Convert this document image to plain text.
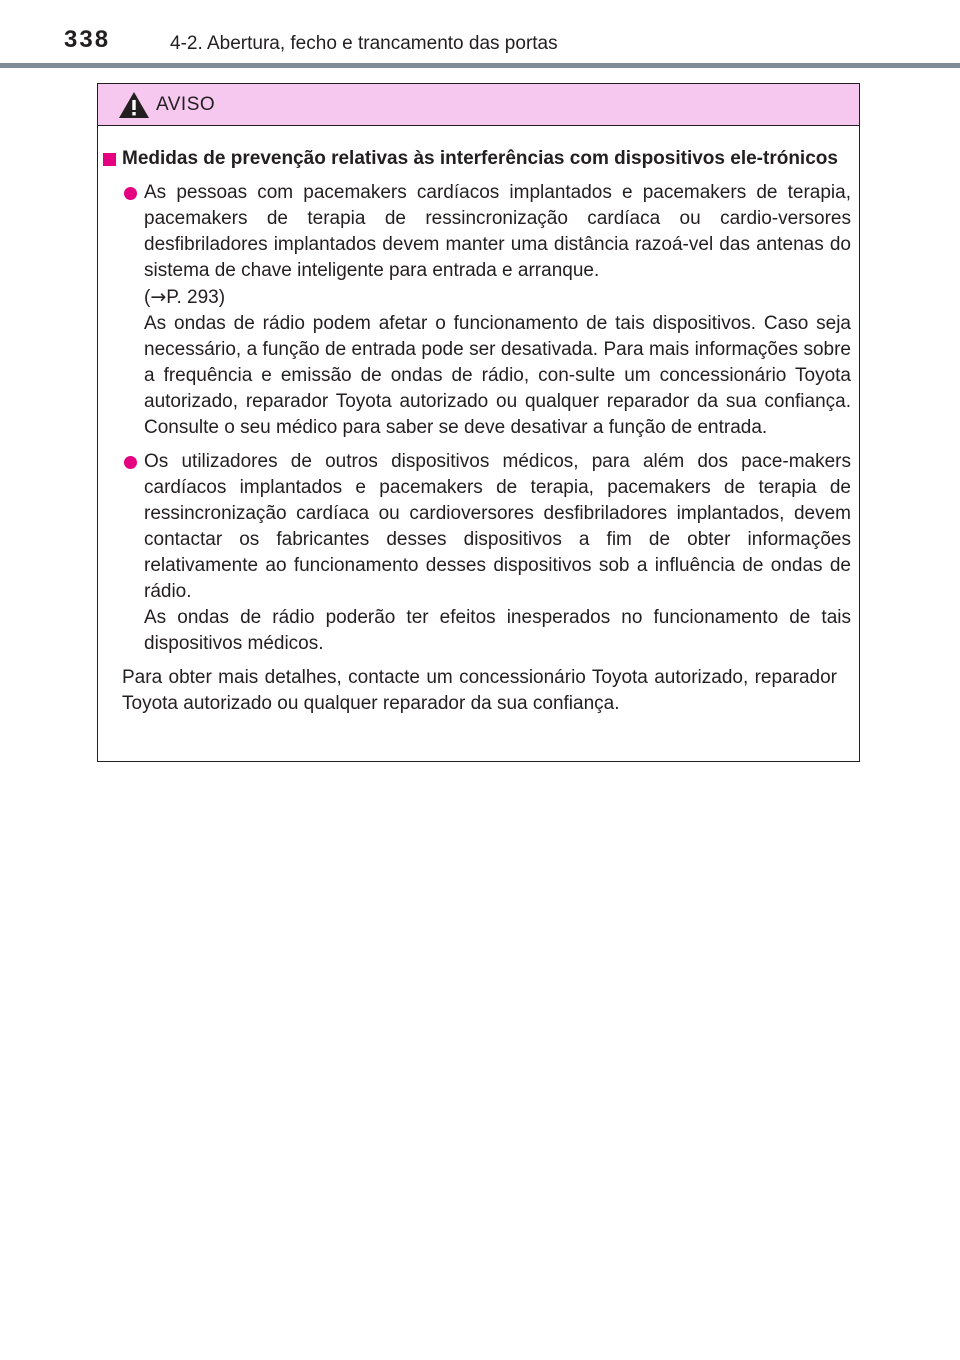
338	4-2. Abertura, fecho e trancamento das portas
AVISO
Medidas de prevenção relativas às interferências com dispositivos ele-trónicos

As pessoas com pacemakers cardíacos implantados e pacemakers de terapia, pacemakers de terapia de ressincronização cardíaca ou cardio-versores desfibriladores implantados devem manter uma distância razoá-vel das antenas do sistema de chave inteligente para entrada e arranque.

(→P. 293)

As ondas de rádio podem afetar o funcionamento de tais dispositivos. Caso seja necessário, a função de entrada pode ser desativada. Para mais informações sobre a frequência e emissão de ondas de rádio, con-sulte um concessionário Toyota autorizado, reparador Toyota autorizado ou qualquer reparador da sua confiança. Consulte o seu médico para saber se deve desativar a função de entrada.

Os utilizadores de outros dispositivos médicos, para além dos pace-makers cardíacos implantados e pacemakers de terapia, pacemakers de terapia de ressincronização cardíaca ou cardioversores desfibriladores implantados, devem contactar os fabricantes desses dispositivos a fim de obter informações relativamente ao funcionamento desses dispositivos sob a influência de ondas de rádio.

As ondas de rádio poderão ter efeitos inesperados no funcionamento de tais dispositivos médicos.

Para obter mais detalhes, contacte um concessionário Toyota autorizado, reparador Toyota autorizado ou qualquer reparador da sua confiança.
